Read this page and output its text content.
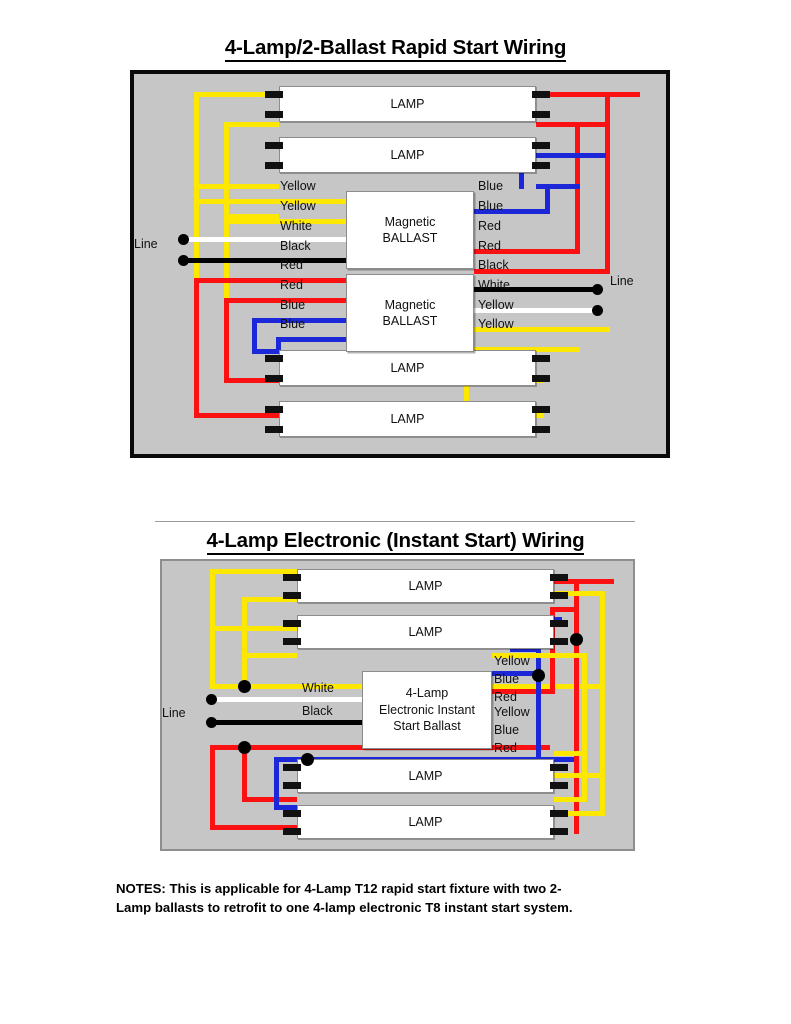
4-Lamp/2-Ballast Rapid Start Wiring
LAMP
LAMP
LAMP
LAMP
Magnetic
BALLAST
Magnetic
BALLAST
Line
Line
Yellow
Yellow
White
Black
Red
Red
Blue
Blue
Blue
Blue
Red
Red
Black
White
Yellow
Yellow
4-Lamp Electronic (Instant Start) Wiring
Line
LAMP
LAMP
LAMP
LAMP
4-Lamp
Electronic Instant
Start Ballast
White
Black
Yellow
Blue
Red
Yellow
Blue
Red
NOTES: This is applicable for 4-Lamp T12 rapid start fixture with two 2-
Lamp ballasts to retrofit to one 4-lamp electronic T8 instant start system.
